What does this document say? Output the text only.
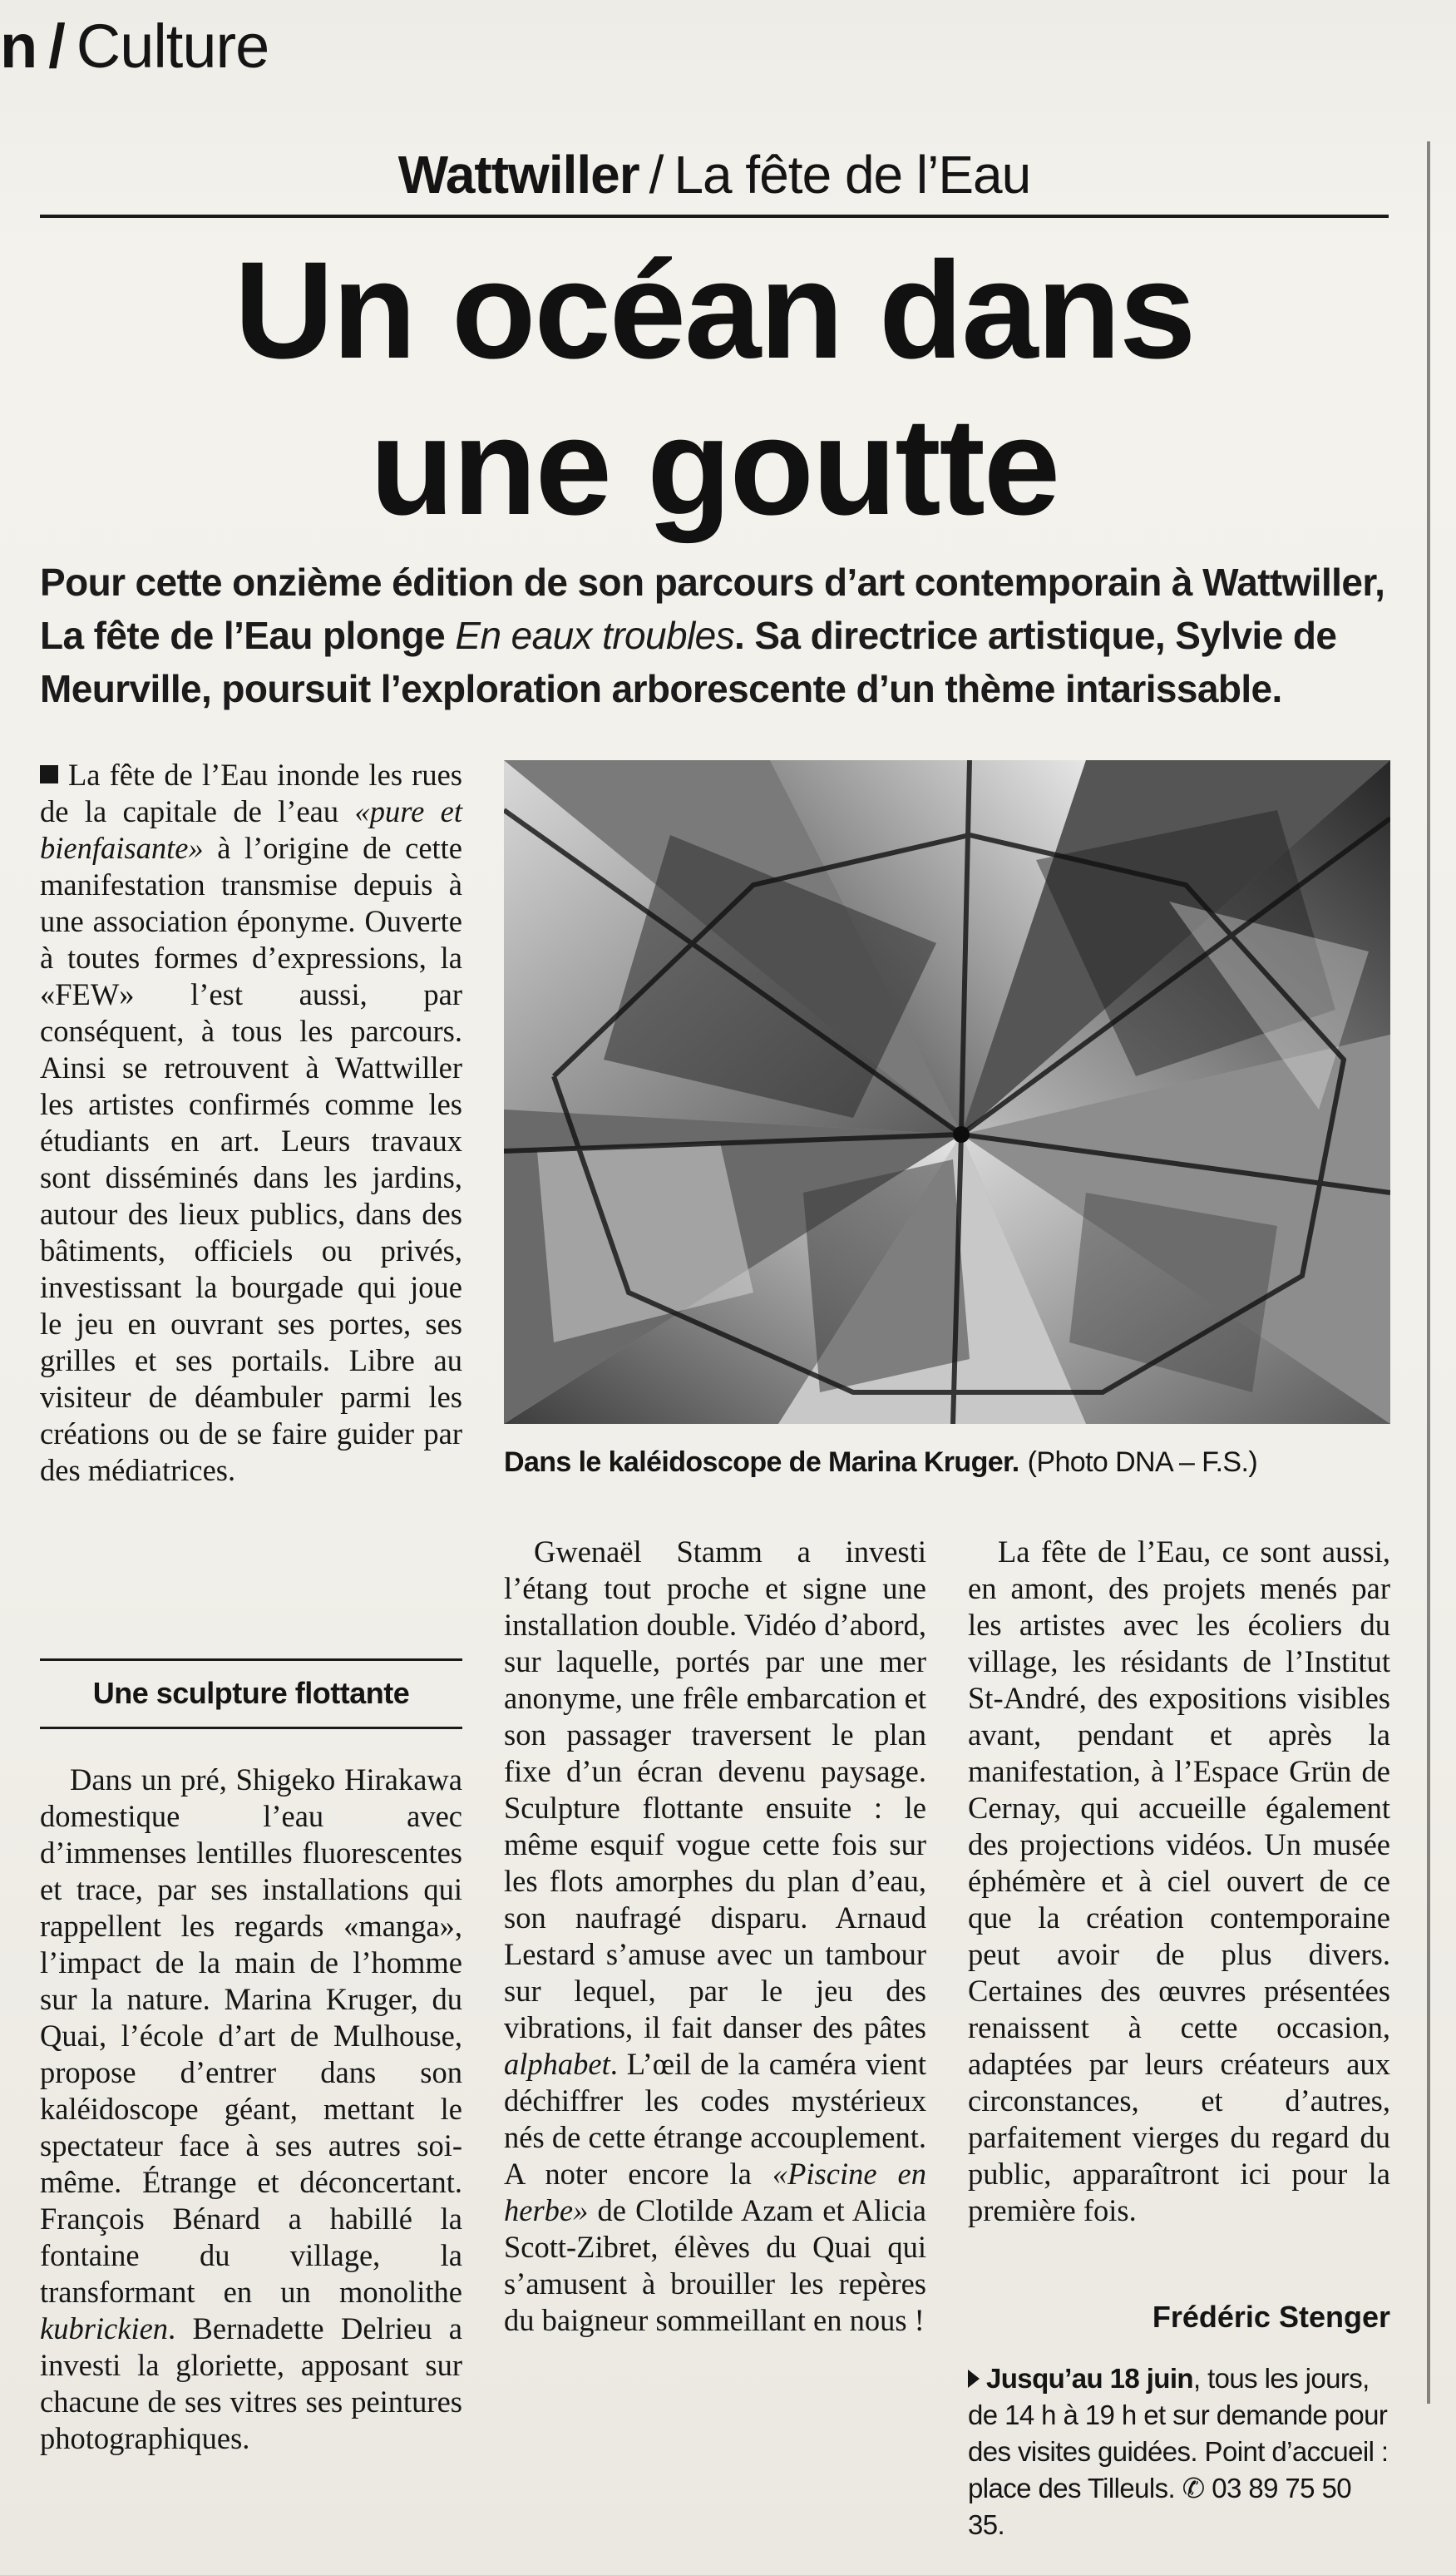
n / Culture
Wattwiller / La fête de l’Eau
Un océan dans
une goutte
Pour cette onzième édition de son parcours d’art contemporain à Wattwiller, La fête de l’Eau plonge En eaux troubles. Sa directrice artistique, Sylvie de Meurville, poursuit l’exploration arborescente d’un thème intarissable.

La fête de l’Eau inonde les rues de la capitale de l’eau «pure et bienfaisante» à l’origine de cette manifestation transmise depuis à une association éponyme. Ouverte à toutes formes d’expressions, la «FEW» l’est aussi, par conséquent, à tous les parcours. Ainsi se retrouvent à Wattwiller les artistes confirmés comme les étudiants en art. Leurs travaux sont disséminés dans les jardins, autour des lieux publics, dans des bâtiments, officiels ou privés, investissant la bourgade qui joue le jeu en ouvrant ses portes, ses grilles et ses portails. Libre au visiteur de déambuler parmi les créations ou de se faire guider par des médiatrices.

Une sculpture flottante

Dans un pré, Shigeko Hirakawa domestique l’eau avec d’immenses lentilles fluorescentes et trace, par ses installations qui rappellent les regards «manga», l’impact de la main de l’homme sur la nature. Marina Kruger, du Quai, l’école d’art de Mulhouse, propose d’entrer dans son kaléidoscope géant, mettant le spectateur face à ses autres soi-même. Étrange et déconcertant. François Bénard a habillé la fontaine du village, la transformant en un monolithe kubrickien. Bernadette Delrieu a investi la gloriette, apposant sur chacune de ses vitres ses peintures photographiques.

Dans le kaléidoscope de Marina Kruger. (Photo DNA – F.S.)

Gwenaël Stamm a investi l’étang tout proche et signe une installation double. Vidéo d’abord, sur laquelle, portés par une mer anonyme, une frêle embarcation et son passager traversent le plan fixe d’un écran devenu paysage. Sculpture flottante ensuite : le même esquif vogue cette fois sur les flots amorphes du plan d’eau, son naufragé disparu. Arnaud Lestard s’amuse avec un tambour sur lequel, par le jeu des vibrations, il fait danser des pâtes alphabet. L’œil de la caméra vient déchiffrer les codes mystérieux nés de cette étrange accouplement. A noter encore la «Piscine en herbe» de Clotilde Azam et Alicia Scott-Zibret, élèves du Quai qui s’amusent à brouiller les repères du baigneur sommeillant en nous !

La fête de l’Eau, ce sont aussi, en amont, des projets menés par les artistes avec les écoliers du village, les résidants de l’Institut St-André, des expositions visibles avant, pendant et après la manifestation, à l’Espace Grün de Cernay, qui accueille également des projections vidéos. Un musée éphémère et à ciel ouvert de ce que la création contemporaine peut avoir de plus divers. Certaines des œuvres présentées renaissent à cette occasion, adaptées par leurs créateurs aux circonstances, et d’autres, parfaitement vierges du regard du public, apparaîtront ici pour la première fois.

Frédéric Stenger
Jusqu’au 18 juin, tous les jours, de 14 h à 19 h et sur demande pour des visites guidées. Point d’accueil : place des Tilleuls. ✆ 03 89 75 50 35.
